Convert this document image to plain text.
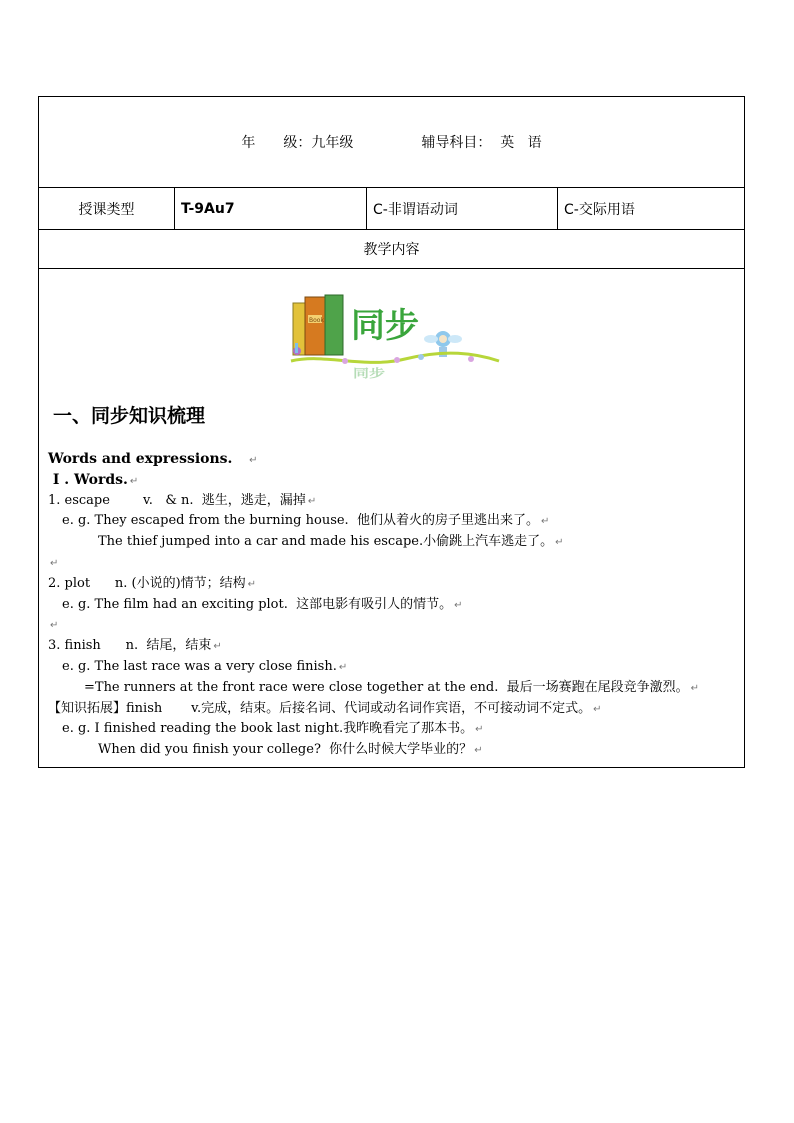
年　　级：九年级	辅导科目：  英   语
授课类型	T-9Au7	C-非谓语动词	C-交际用语
教学内容
Book 同步
同步
一、同步知识梳理
Words and expressions.   ↵
I . Words. ↵
1. escape        v.   & n.  逃生，逃走，漏掉 ↵
e. g. They escaped from the burning house.  他们从着火的房子里逃出来了。 ↵
The thief jumped into a car and made his escape.小偷跳上汽车逃走了。 ↵
↵
2. plot      n. (小说的)情节；结构 ↵
e. g. The film had an exciting plot.  这部电影有吸引人的情节。 ↵
↵
3. finish      n.  结尾，结束 ↵
e. g. The last race was a very close finish. ↵
=The runners at the front race were close together at the end.  最后一场赛跑在尾段竞争激烈。 ↵
【知识拓展】finish       v.完成，结束。后接名词、代词或动名词作宾语，不可接动词不定式。 ↵
e. g. I finished reading the book last night.我昨晚看完了那本书。 ↵
When did you finish your college?  你什么时候大学毕业的？ ↵
